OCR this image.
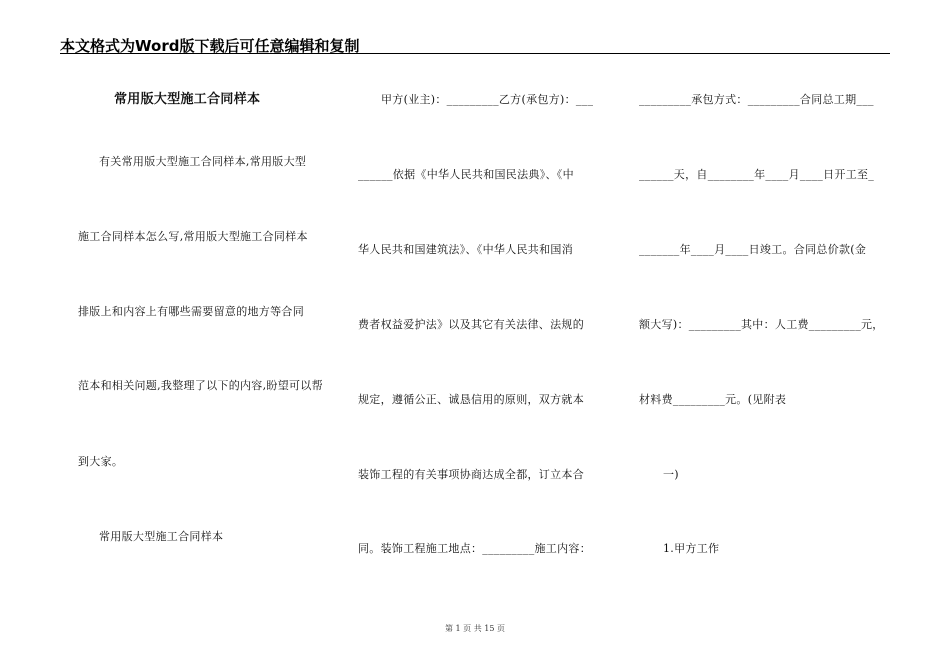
本文格式为Word版下载后可任意编辑和复制
常用版大型施工合同样本
有关常用版大型施工合同样本,常用版大型
施工合同样本怎么写,常用版大型施工合同样本
排版上和内容上有哪些需要留意的地方等合同
范本和相关问题,我整理了以下的内容,盼望可以帮
到大家。
常用版大型施工合同样本
甲方(业主)：_________乙方(承包方)：___
______依据《中华人民共和国民法典》、《中
华人民共和国建筑法》、《中华人民共和国消
费者权益爱护法》以及其它有关法律、法规的
规定，遵循公正、诚恳信用的原则，双方就本
装饰工程的有关事项协商达成全都，订立本合
同。装饰工程施工地点：_________施工内容：
_________承包方式：_________合同总工期___
______天，自________年____月____日开工至_
_______年____月____日竣工。合同总价款(金
额大写)：_________其中：人工费_________元，
材料费_________元。(见附表
一)
1.甲方工作
第 1 页 共 15 页
